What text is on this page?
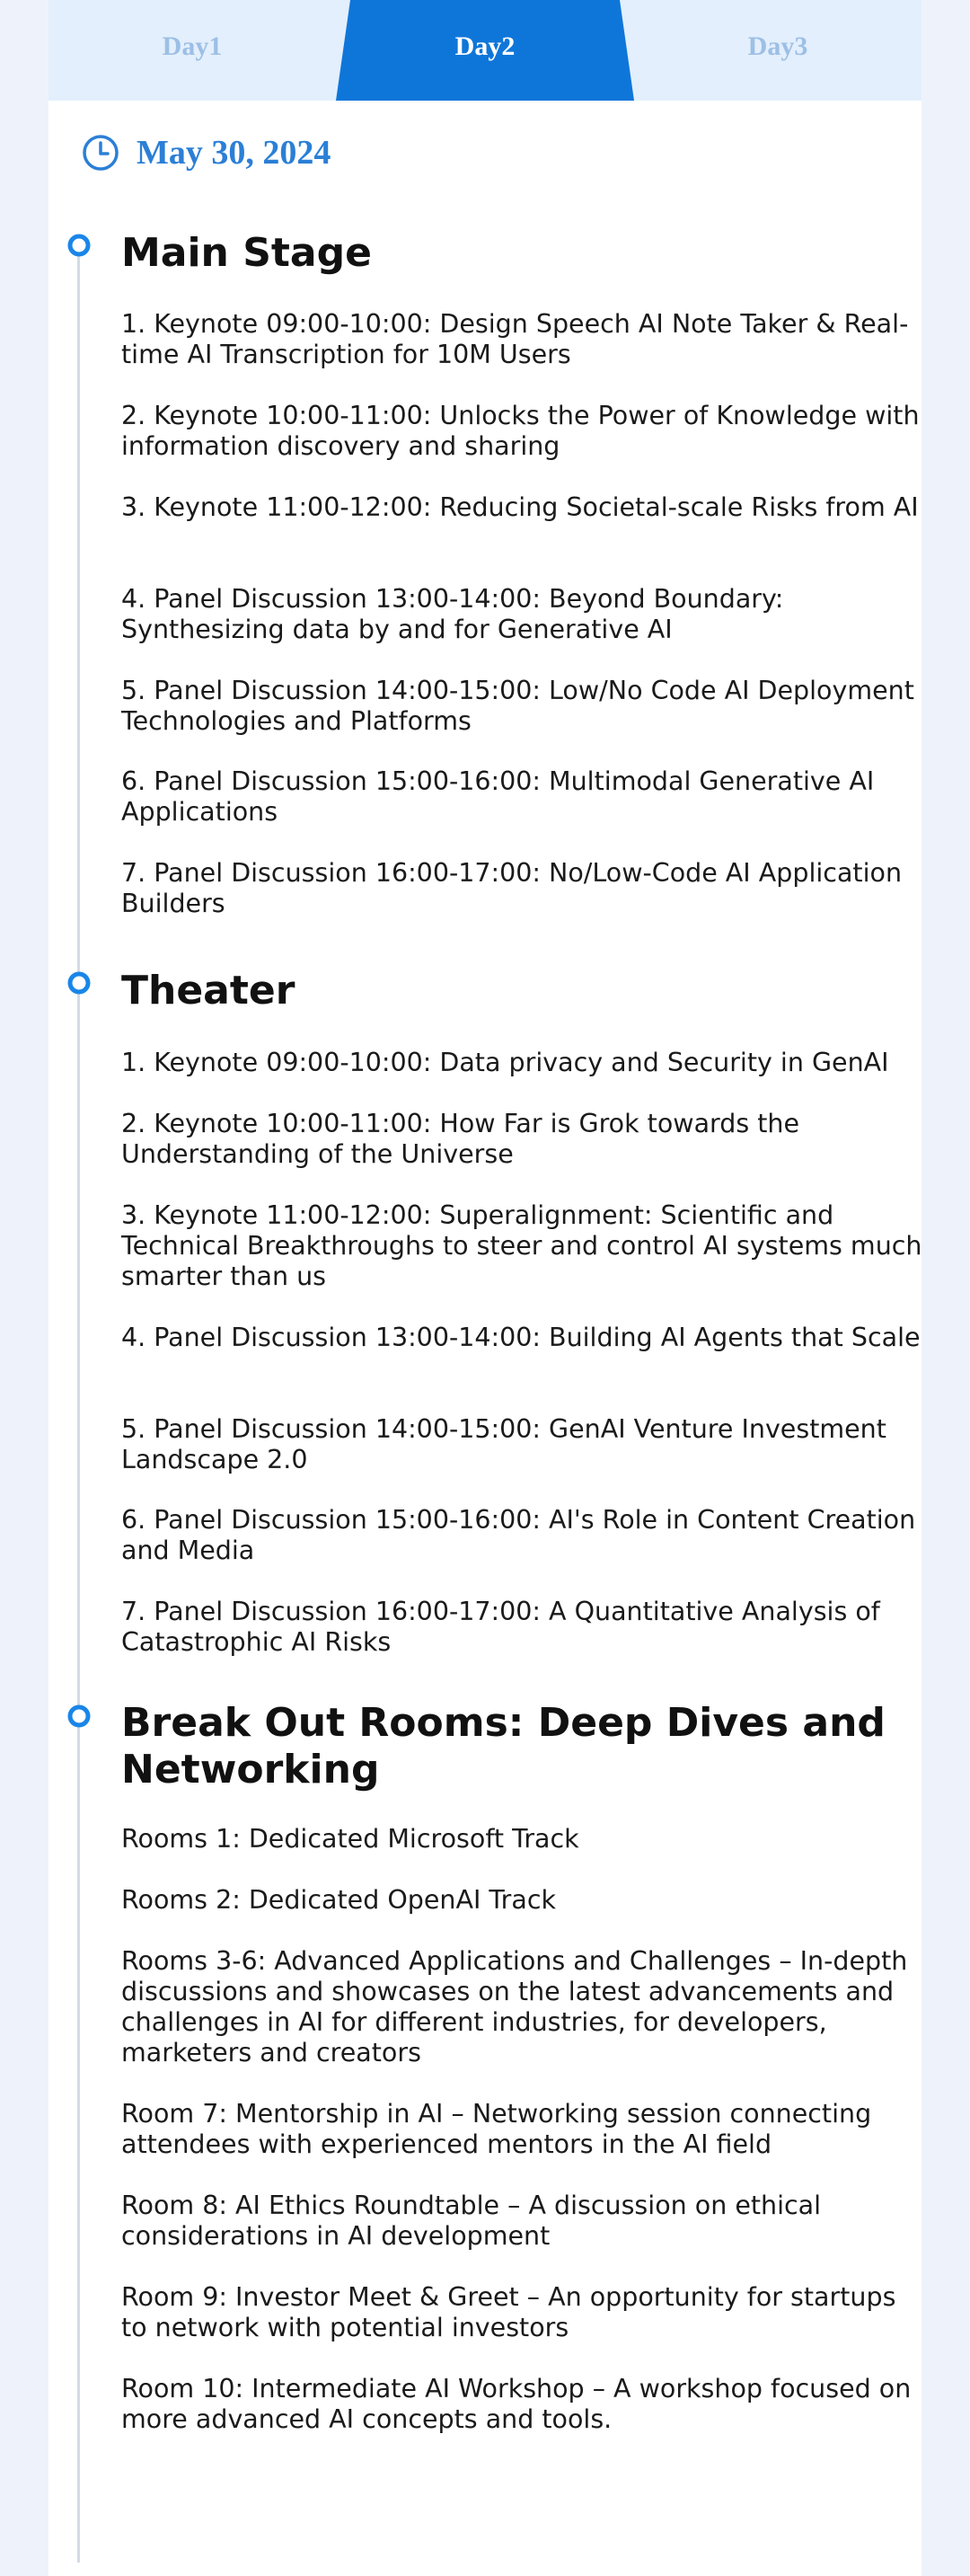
Day1	Day2	Day3
May 30, 2024
Main Stage

1. Keynote 09:00-10:00: Design Speech AI Note Taker & Real-time AI Transcription for 10M Users

2. Keynote 10:00-11:00: Unlocks the Power of Knowledge with information discovery and sharing

3. Keynote 11:00-12:00: Reducing Societal-scale Risks from AI

4. Panel Discussion 13:00-14:00: Beyond Boundary: Synthesizing data by and for Generative AI

5. Panel Discussion 14:00-15:00: Low/No Code AI Deployment Technologies and Platforms

6. Panel Discussion 15:00-16:00: Multimodal Generative AI Applications

7. Panel Discussion 16:00-17:00: No/Low-Code AI Application Builders

Theater

1. Keynote 09:00-10:00: Data privacy and Security in GenAI

2. Keynote 10:00-11:00: How Far is Grok towards the Understanding of the Universe

3. Keynote 11:00-12:00: Superalignment: Scientific and Technical Breakthroughs to steer and control AI systems much smarter than us

4. Panel Discussion 13:00-14:00: Building AI Agents that Scale

5. Panel Discussion 14:00-15:00: GenAI Venture Investment Landscape 2.0

6. Panel Discussion 15:00-16:00: AI's Role in Content Creation and Media

7. Panel Discussion 16:00-17:00: A Quantitative Analysis of Catastrophic AI Risks

Break Out Rooms: Deep Dives and Networking

Rooms 1: Dedicated Microsoft Track

Rooms 2: Dedicated OpenAI Track

Rooms 3-6: Advanced Applications and Challenges – In-depth discussions and showcases on the latest advancements and challenges in AI for different industries, for developers, marketers and creators

Room 7: Mentorship in AI – Networking session connecting attendees with experienced mentors in the AI field

Room 8: AI Ethics Roundtable – A discussion on ethical considerations in AI development

Room 9: Investor Meet & Greet – An opportunity for startups to network with potential investors

Room 10: Intermediate AI Workshop – A workshop focused on more advanced AI concepts and tools.
